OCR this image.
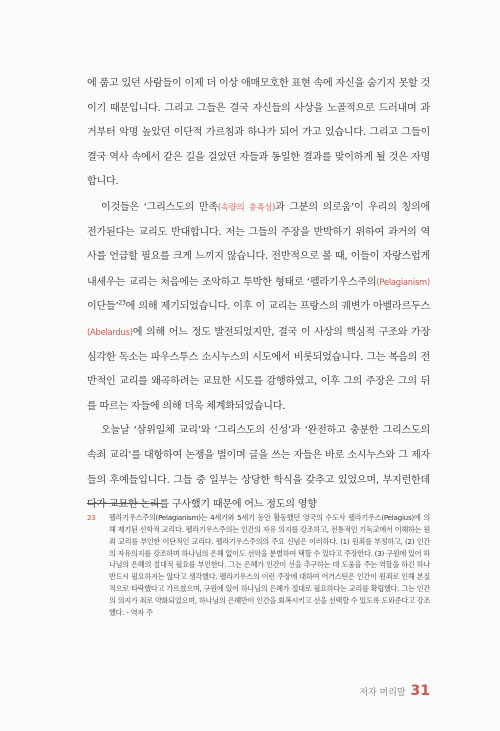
에 품고 있던 사람들이 이제 더 이상 애매모호한 표현 속에 자신을 숨기지 못할 것이기 때문입니다. 그리고 그들은 결국 자신들의 사상을 노골적으로 드러내며 과거부터 악명 높았던 이단적 가르침과 하나가 되어 가고 있습니다. 그리고 그들이 결국 역사 속에서 같은 길을 걸었던 자들과 동일한 결과를 맞이하게 될 것은 자명합니다.

이것들은 ‘그리스도의 만족(속량의 충족성)과 그분의 의로움’이 우리의 칭의에 전가된다는 교리도 반대합니다. 저는 그들의 주장을 반박하기 위하여 과거의 역사를 언급할 필요를 크게 느끼지 않습니다. 전반적으로 볼 때, 이들이 자랑스럽게 내세우는 교리는 처음에는 조악하고 투박한 형태로 ‘펠라기우스주의(Pelagianism) 이단들’$^{23}$에 의해 제기되었습니다. 이후 이 교리는 프랑스의 궤변가 아벨라르두스(Abelardus)에 의해 어느 정도 발전되었지만, 결국 이 사상의 핵심적 구조와 가장 심각한 독소는 파우스투스 소시누스의 시도에서 비롯되었습니다. 그는 복음의 전반적인 교리를 왜곡하려는 교묘한 시도를 감행하였고, 이후 그의 주장은 그의 뒤를 따르는 자들에 의해 더욱 체계화되었습니다.

오늘날 ‘삼위일체 교리’와 ‘그리스도의 신성’과 ‘완전하고 충분한 그리스도의 속죄 교리’를 대항하여 논쟁을 벌이며 글을 쓰는 자들은 바로 소시누스와 그 제자들의 후예들입니다. 그들 중 일부는 상당한 학식을 갖추고 있었으며, 부지런한데다가 교묘한 논리를 구사했기 때문에 어느 정도의 영향

23 펠라기우스주의(Pelagianism)는 4세기와 5세기 동안 활동했던 영국의 수도사 펠라기우스(Pelagius)에 의해 제기된 신학적 교리다. 펠라기우스주의는 인간의 자유 의지를 강조하고, 전통적인 기독교에서 이해하는 원죄 교리를 부인한 이단적인 교리다. 펠라기우스주의의 주요 신념은 이러하다. (1) 원죄를 부정하고, (2) 인간의 자유의지를 강조하며 하나님의 은혜 없이도 선악을 분별하여 택할 수 있다고 주장한다. (3) 구원에 있어 하나님의 은혜의 절대적 필요를 부인한다. 그는 은혜가 인간이 선을 추구하는 데 도움을 주는 역할을 하긴 하나 반드시 필요하지는 않다고 생각했다. 펠라기우스의 이런 주장에 대하여 어거스틴은 인간이 원죄로 인해 본질적으로 타락했다고 가르쳤으며, 구원에 있어 하나님의 은혜가 절대로 필요하다는 교리를 확립했다. 그는 인간의 의지가 죄로 약화되었으며, 하나님의 은혜만이 인간을 회복시키고 선을 선택할 수 있도록 도와준다고 강조했다. - 역자 주
저자 머리말 31
